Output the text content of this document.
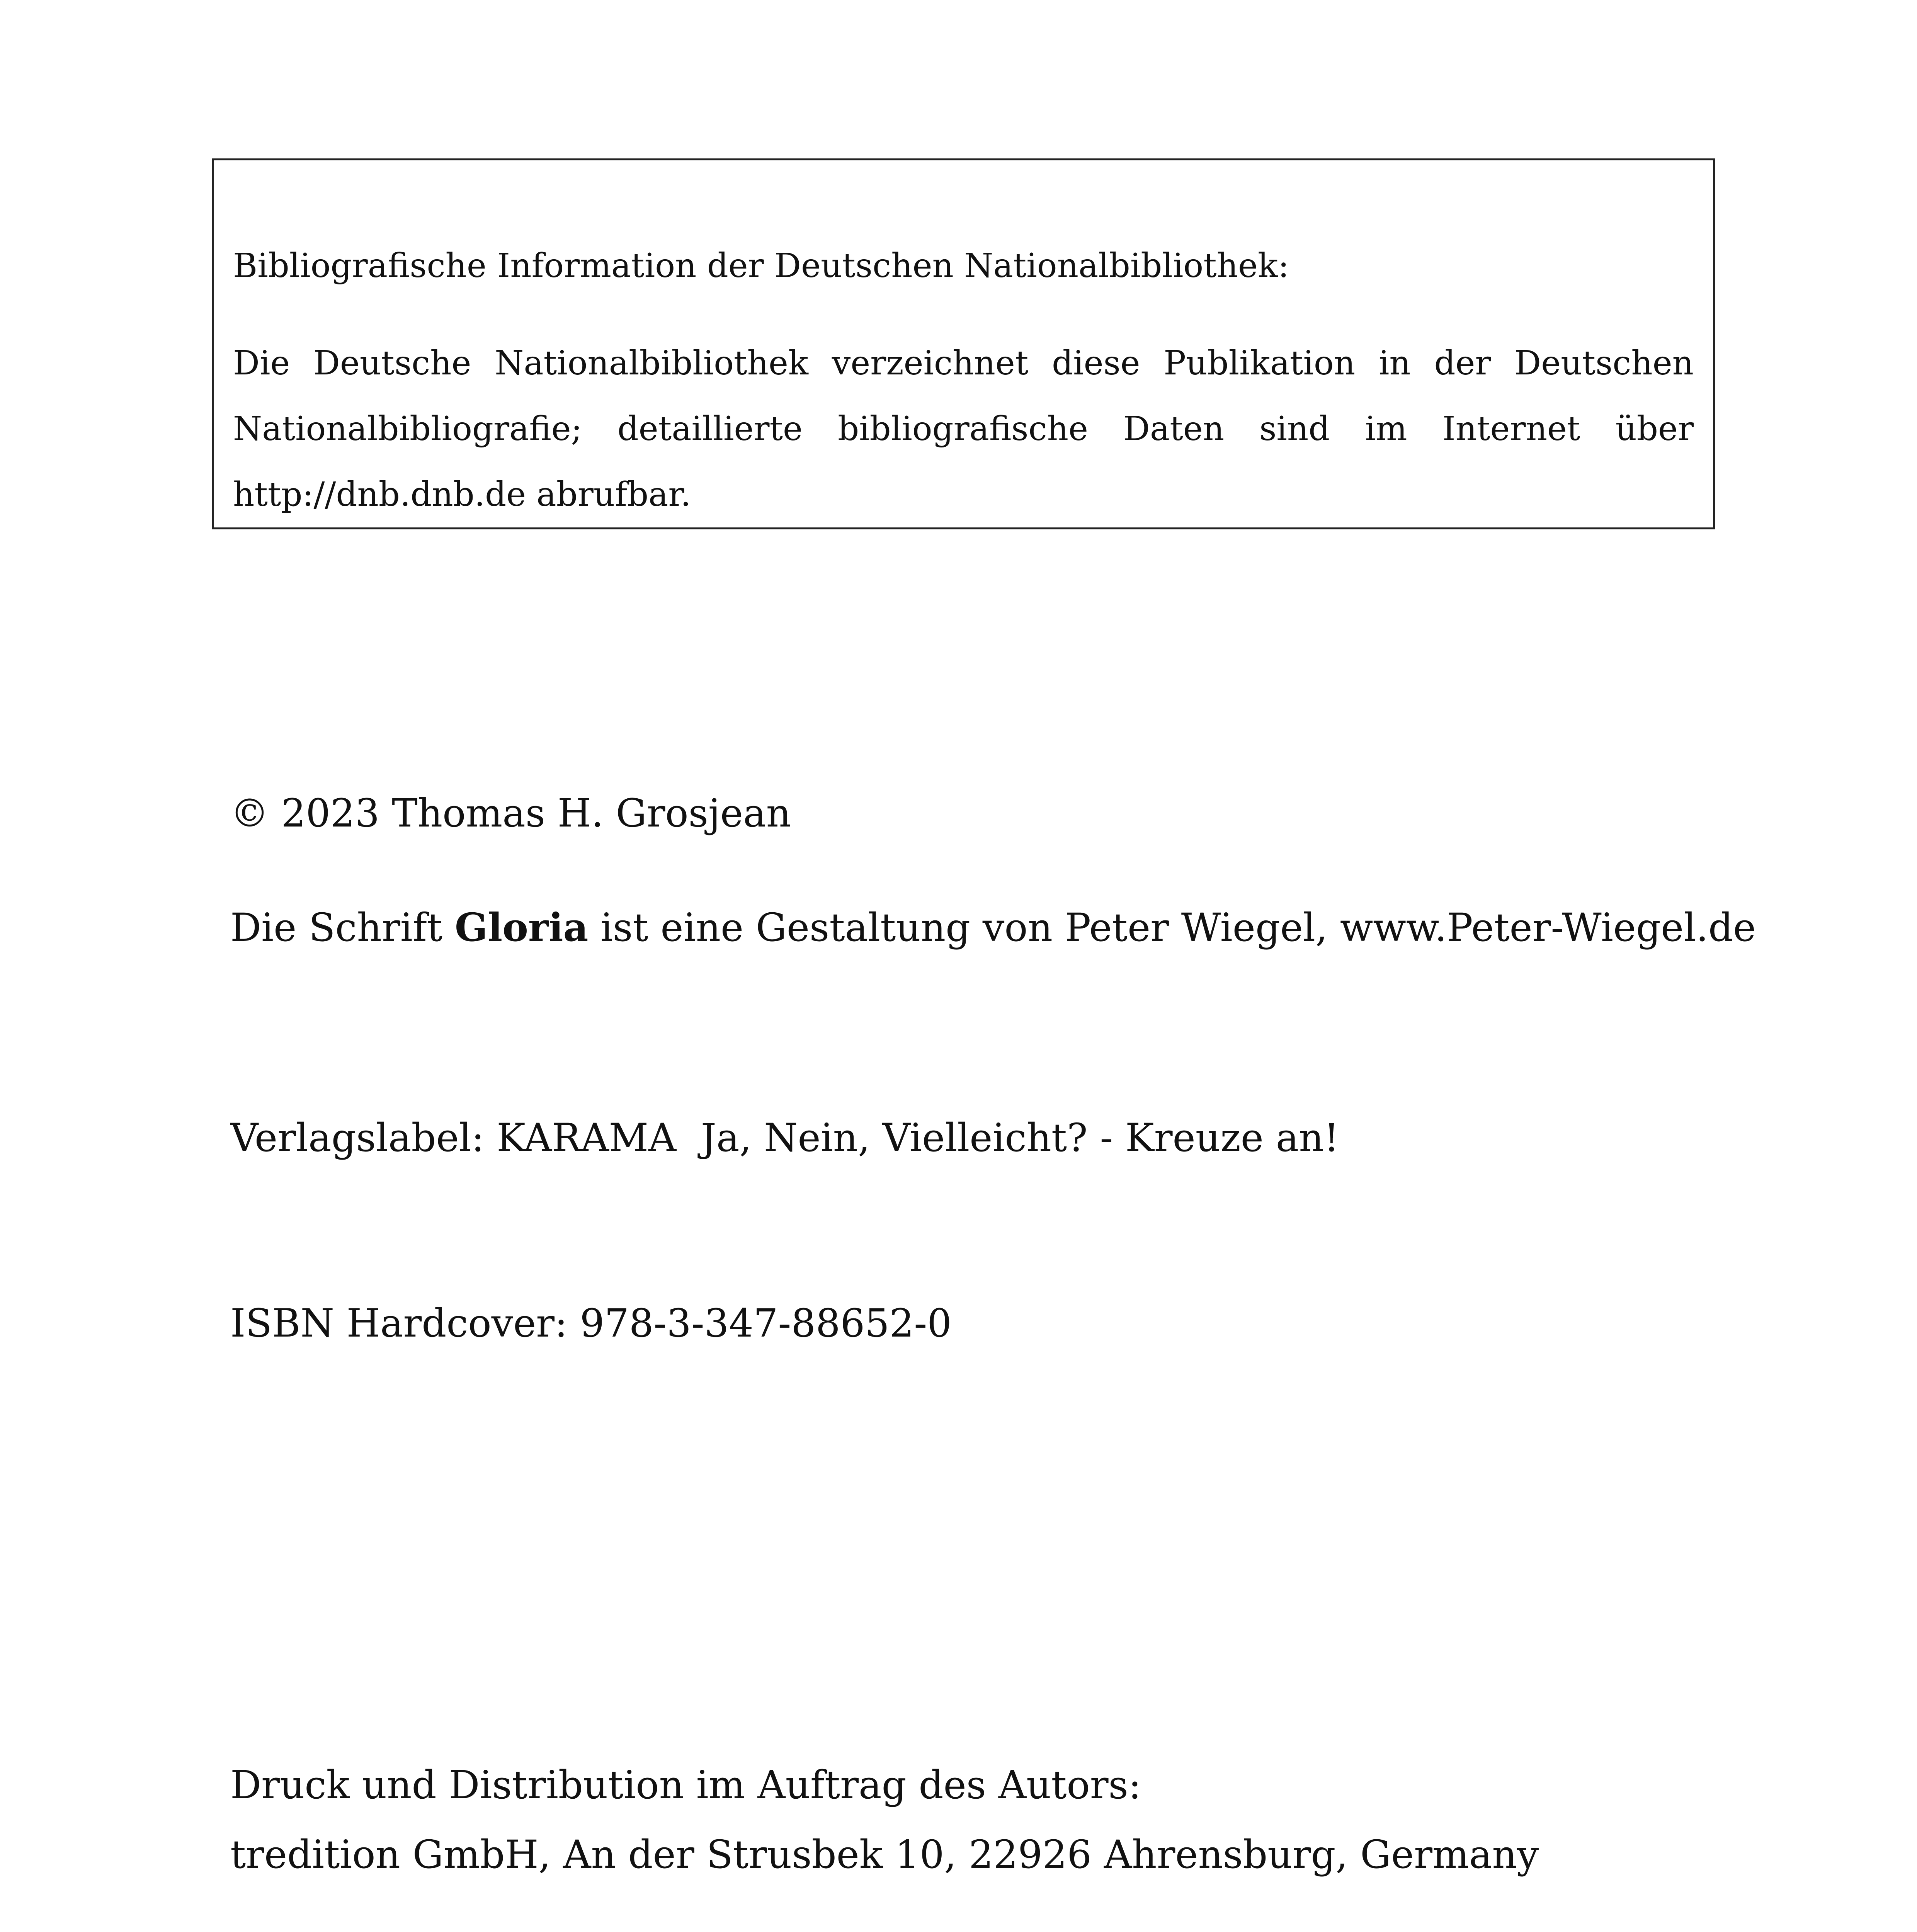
Bibliografische Information der Deutschen Nationalbibliothek:

Die Deutsche Nationalbibliothek verzeichnet diese Publikation in der Deutschen Nationalbibliografie; detaillierte bibliografische Daten sind im Internet über http://dnb.dnb.de abrufbar.

© 2023 Thomas H. Grosjean

Die Schrift Gloria ist eine Gestaltung von Peter Wiegel, www.Peter-Wiegel.de

Verlagslabel: KARAMA  Ja, Nein, Vielleicht? - Kreuze an!

ISBN Hardcover: 978-3-347-88652-0

Druck und Distribution im Auftrag des Autors:
tredition GmbH, An der Strusbek 10, 22926 Ahrensburg, Germany
